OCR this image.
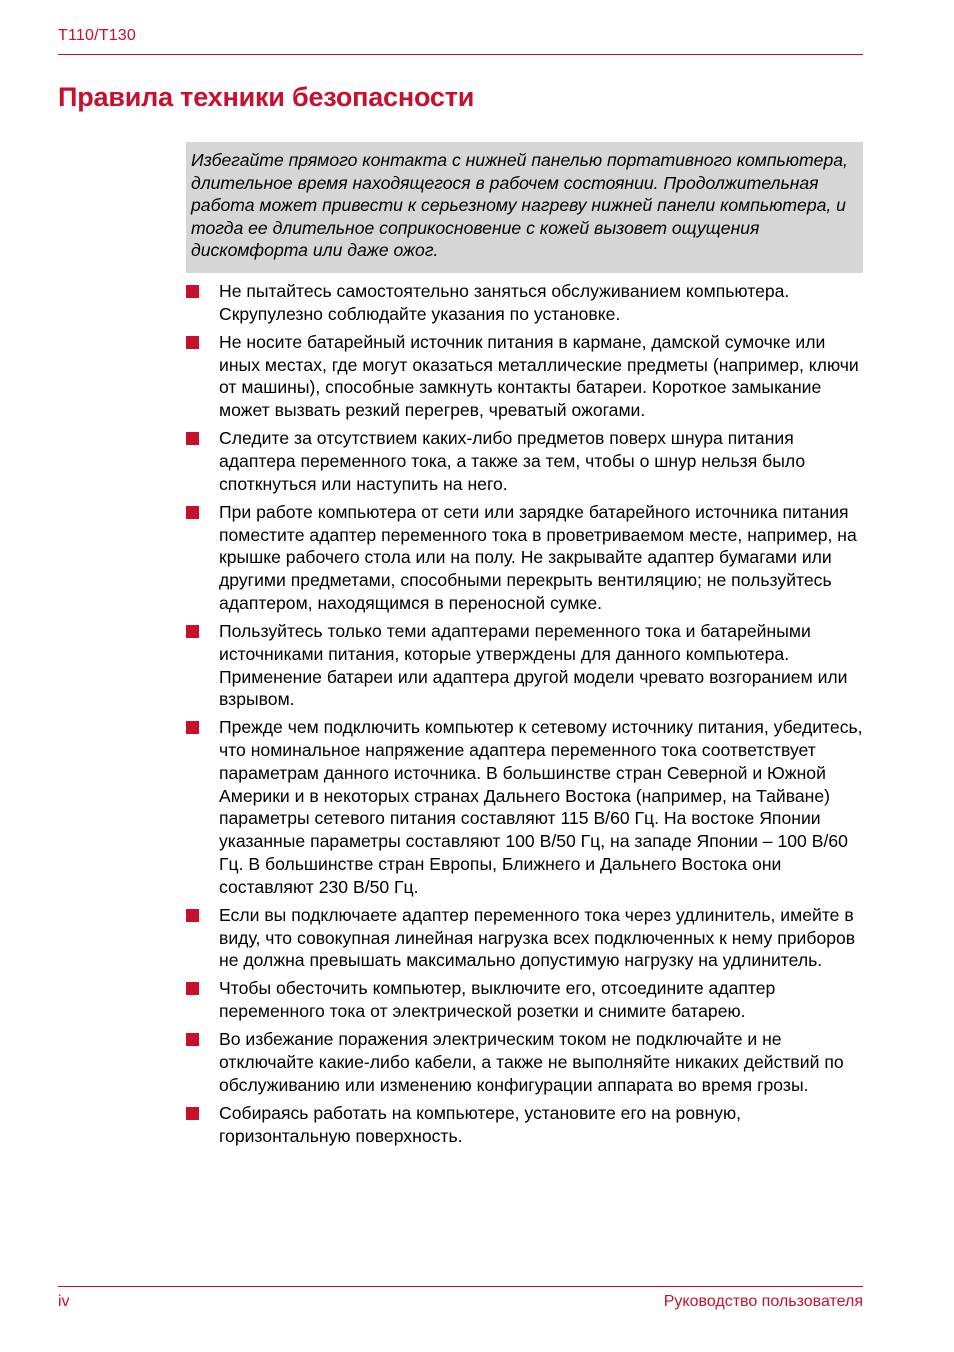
T110/T130
Правила техники безопасности
Избегайте прямого контакта с нижней панелью портативного компьютера, длительное время находящегося в рабочем состоянии. Продолжительная работа может привести к серьезному нагреву нижней панели компьютера, и тогда ее длительное соприкосновение с кожей вызовет ощущения дискомфорта или даже ожог.
Не пытайтесь самостоятельно заняться обслуживанием компьютера. Скрупулезно соблюдайте указания по установке.
Не носите батарейный источник питания в кармане, дамской сумочке или иных местах, где могут оказаться металлические предметы (например, ключи от машины), способные замкнуть контакты батареи. Короткое замыкание может вызвать резкий перегрев, чреватый ожогами.
Следите за отсутствием каких-либо предметов поверх шнура питания адаптера переменного тока, а также за тем, чтобы о шнур нельзя было споткнуться или наступить на него.
При работе компьютера от сети или зарядке батарейного источника питания поместите адаптер переменного тока в проветриваемом месте, например, на крышке рабочего стола или на полу. Не закрывайте адаптер бумагами или другими предметами, способными перекрыть вентиляцию; не пользуйтесь адаптером, находящимся в переносной сумке.
Пользуйтесь только теми адаптерами переменного тока и батарейными источниками питания, которые утверждены для данного компьютера. Применение батареи или адаптера другой модели чревато возгоранием или взрывом.
Прежде чем подключить компьютер к сетевому источнику питания, убедитесь, что номинальное напряжение адаптера переменного тока соответствует параметрам данного источника. В большинстве стран Северной и Южной Америки и в некоторых странах Дальнего Востока (например, на Тайване) параметры сетевого питания составляют 115 В/60 Гц. На востоке Японии указанные параметры составляют 100 В/50 Гц, на западе Японии – 100 В/60 Гц. В большинстве стран Европы, Ближнего и Дальнего Востока они составляют 230 В/50 Гц.
Если вы подключаете адаптер переменного тока через удлинитель, имейте в виду, что совокупная линейная нагрузка всех подключенных к нему приборов не должна превышать максимально допустимую нагрузку на удлинитель.
Чтобы обесточить компьютер, выключите его, отсоедините адаптер переменного тока от электрической розетки и снимите батарею.
Во избежание поражения электрическим током не подключайте и не отключайте какие-либо кабели, а также не выполняйте никаких действий по обслуживанию или изменению конфигурации аппарата во время грозы.
Собираясь работать на компьютере, установите его на ровную, горизонтальную поверхность.
iv	Руководство пользователя
